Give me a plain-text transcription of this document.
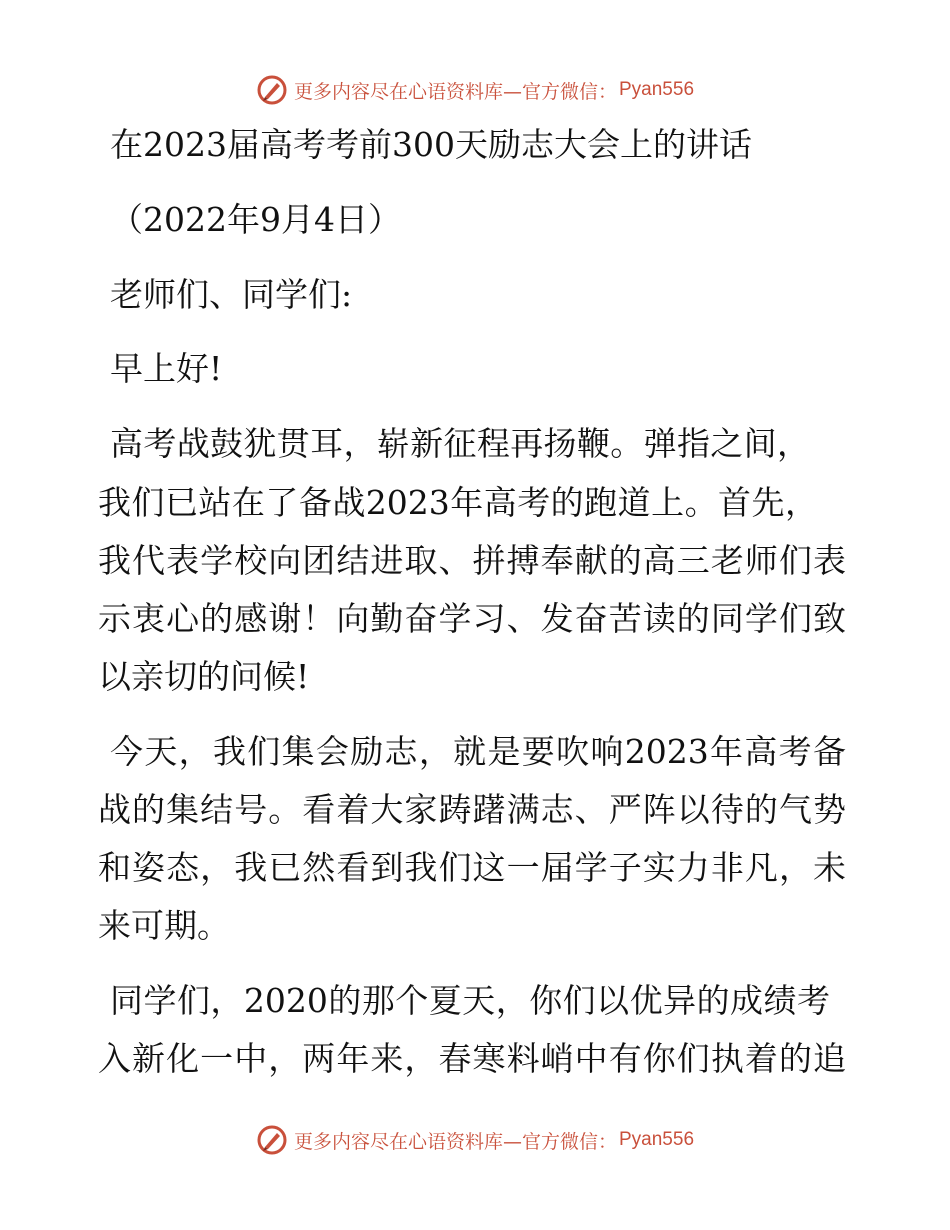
更多内容尽在心语资料库—官方微信： Pyan556
在2023届高考考前300天励志大会上的讲话
（2022年9月4日）
老师们、同学们:
早上好!
高考战鼓犹贯耳，崭新征程再扬鞭。弹指之间，
我们已站在了备战2023年高考的跑道上。首先，
我代表学校向团结进取、拼搏奉献的高三老师们表
示衷心的感谢！向勤奋学习、发奋苦读的同学们致
以亲切的问候!
今天，我们集会励志，就是要吹响2023年高考备
战的集结号。看着大家踌躇满志、严阵以待的气势
和姿态，我已然看到我们这一届学子实力非凡，未
来可期。
同学们，2020的那个夏天，你们以优异的成绩考
入新化一中，两年来，春寒料峭中有你们执着的追
更多内容尽在心语资料库—官方微信： Pyan556
